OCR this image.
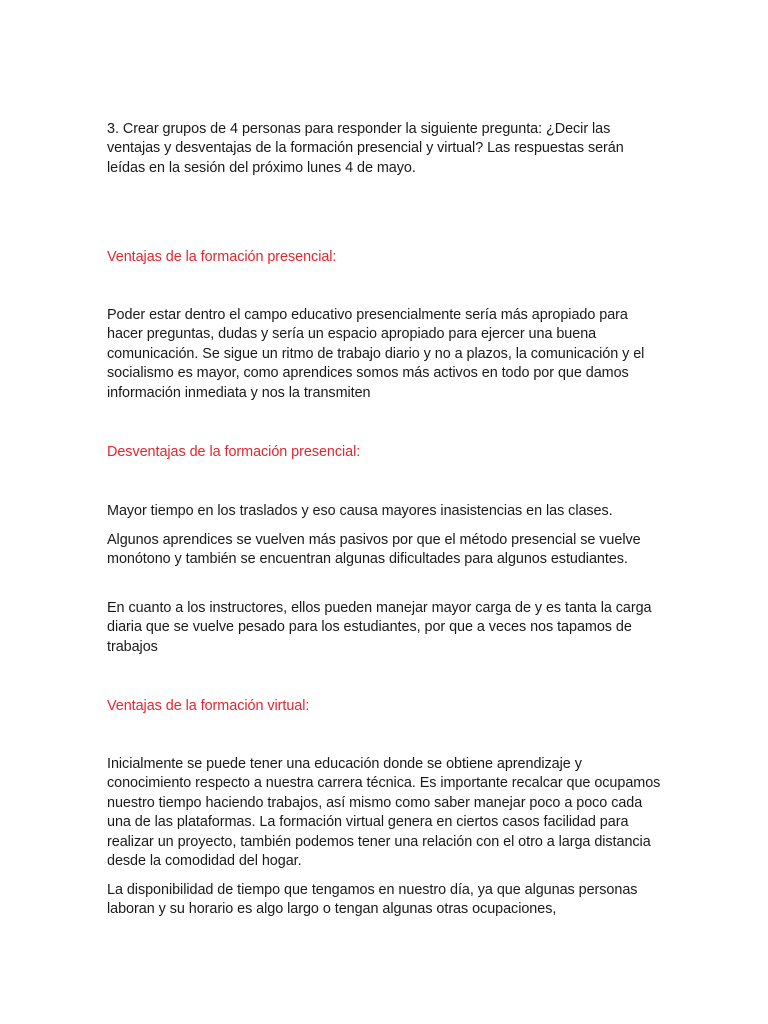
3. Crear grupos de 4 personas para responder la siguiente pregunta: ¿Decir las ventajas y desventajas de la formación presencial y virtual? Las respuestas serán leídas en la sesión del próximo lunes 4 de mayo.

Ventajas de la formación presencial:

Poder estar dentro el campo educativo presencialmente sería más apropiado para hacer preguntas, dudas y sería un espacio apropiado para ejercer una buena comunicación. Se sigue un ritmo de trabajo diario y no a plazos, la comunicación y el socialismo es mayor, como aprendices somos más activos en todo por que damos información inmediata y nos la transmiten

Desventajas de la formación presencial:

Mayor tiempo en los traslados y eso causa mayores inasistencias en las clases.

Algunos aprendices se vuelven más pasivos por que el método presencial se vuelve monótono y también se encuentran algunas dificultades para algunos estudiantes.

En cuanto a los instructores, ellos pueden manejar mayor carga de y es tanta la carga diaria que se vuelve pesado para los estudiantes, por que a veces nos tapamos de trabajos

Ventajas de la formación virtual:

Inicialmente se puede tener una educación donde se obtiene aprendizaje y conocimiento respecto a nuestra carrera técnica. Es importante recalcar que ocupamos nuestro tiempo haciendo trabajos, así mismo como saber manejar poco a poco cada una de las plataformas. La formación virtual genera en ciertos casos facilidad para realizar un proyecto, también podemos tener una relación con el otro a larga distancia desde la comodidad del hogar.

La disponibilidad de tiempo que tengamos en nuestro día, ya que algunas personas laboran y su horario es algo largo o tengan algunas otras ocupaciones,
